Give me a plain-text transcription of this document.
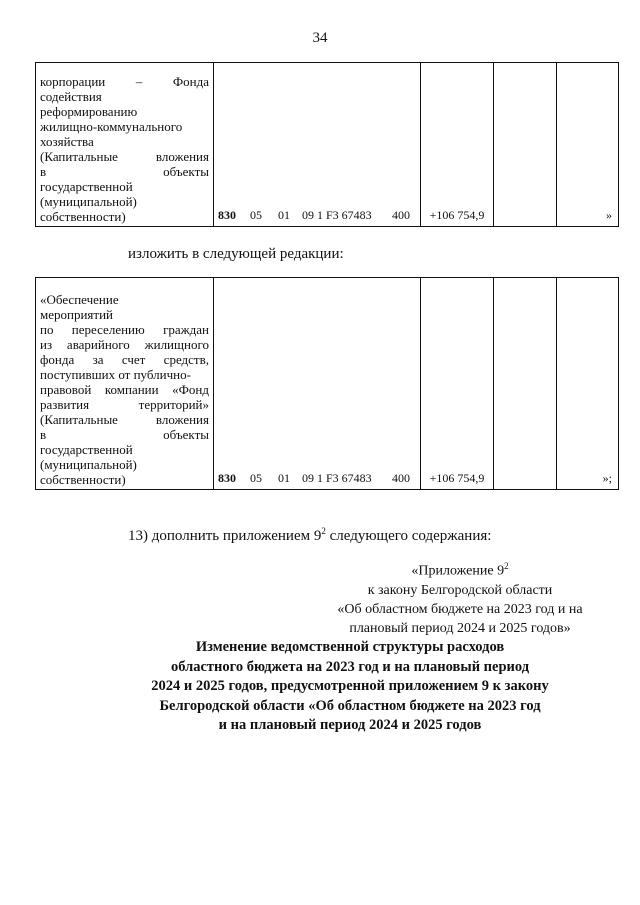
34
корпорации – Фонда
содействия
реформированию
жилищно-коммунального
хозяйства
(Капитальные вложения
в объекты
государственной
(муниципальной)
собственности)	830 05 01 09 1 F3 67483 400	+106 754,9		»
изложить в следующей редакции:
«Обеспечение
мероприятий
по переселению граждан
из аварийного жилищного
фонда за счет средств,
поступивших от публично-
правовой компании «Фонд
развития территорий»
(Капитальные вложения
в объекты
государственной
(муниципальной)
собственности)	830 05 01 09 1 F3 67483 400	+106 754,9		»;
13) дополнить приложением $9^2$ следующего содержания:
«Приложение $9^2$
к закону Белгородской области
«Об областном бюджете на 2023 год и на
плановый период 2024 и 2025 годов»
Изменение ведомственной структуры расходов
областного бюджета на 2023 год и на плановый период
2024 и 2025 годов, предусмотренной приложением 9 к закону
Белгородской области «Об областном бюджете на 2023 год
и на плановый период 2024 и 2025 годов
